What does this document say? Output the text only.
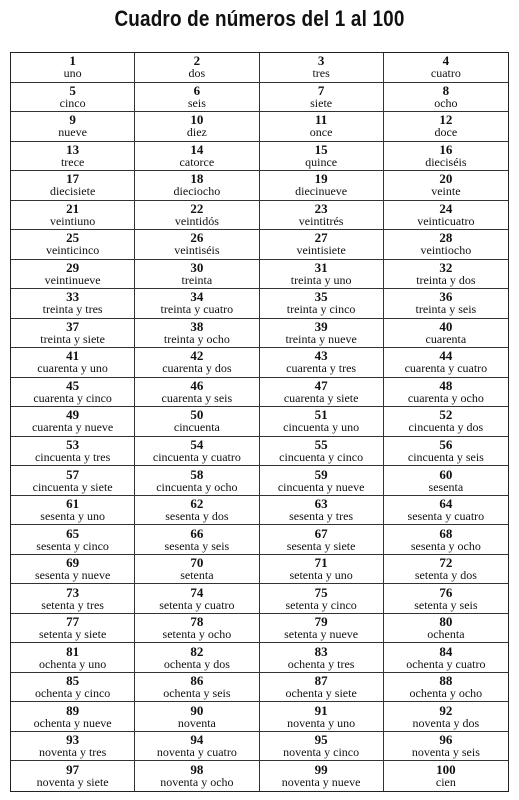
Cuadro de números del 1 al 100
1
uno
2
dos
3
tres
4
cuatro
5
cinco
6
seis
7
siete
8
ocho
9
nueve
10
diez
11
once
12
doce
13
trece
14
catorce
15
quince
16
dieciséis
17
diecisiete
18
dieciocho
19
diecinueve
20
veinte
21
veintiuno
22
veintidós
23
veintitrés
24
veinticuatro
25
veinticinco
26
veintiséis
27
veintisiete
28
veintiocho
29
veintinueve
30
treinta
31
treinta y uno
32
treinta y dos
33
treinta y tres
34
treinta y cuatro
35
treinta y cinco
36
treinta y seis
37
treinta y siete
38
treinta y ocho
39
treinta y nueve
40
cuarenta
41
cuarenta y uno
42
cuarenta y dos
43
cuarenta y tres
44
cuarenta y cuatro
45
cuarenta y cinco
46
cuarenta y seis
47
cuarenta y siete
48
cuarenta y ocho
49
cuarenta y nueve
50
cincuenta
51
cincuenta y uno
52
cincuenta y dos
53
cincuenta y tres
54
cincuenta y cuatro
55
cincuenta y cinco
56
cincuenta y seis
57
cincuenta y siete
58
cincuenta y ocho
59
cincuenta y nueve
60
sesenta
61
sesenta y uno
62
sesenta y dos
63
sesenta y tres
64
sesenta y cuatro
65
sesenta y cinco
66
sesenta y seis
67
sesenta y siete
68
sesenta y ocho
69
sesenta y nueve
70
setenta
71
setenta y uno
72
setenta y dos
73
setenta y tres
74
setenta y cuatro
75
setenta y cinco
76
setenta y seis
77
setenta y siete
78
setenta y ocho
79
setenta y nueve
80
ochenta
81
ochenta y uno
82
ochenta y dos
83
ochenta y tres
84
ochenta y cuatro
85
ochenta y cinco
86
ochenta y seis
87
ochenta y siete
88
ochenta y ocho
89
ochenta y nueve
90
noventa
91
noventa y uno
92
noventa y dos
93
noventa y tres
94
noventa y cuatro
95
noventa y cinco
96
noventa y seis
97
noventa y siete
98
noventa y ocho
99
noventa y nueve
100
cien
